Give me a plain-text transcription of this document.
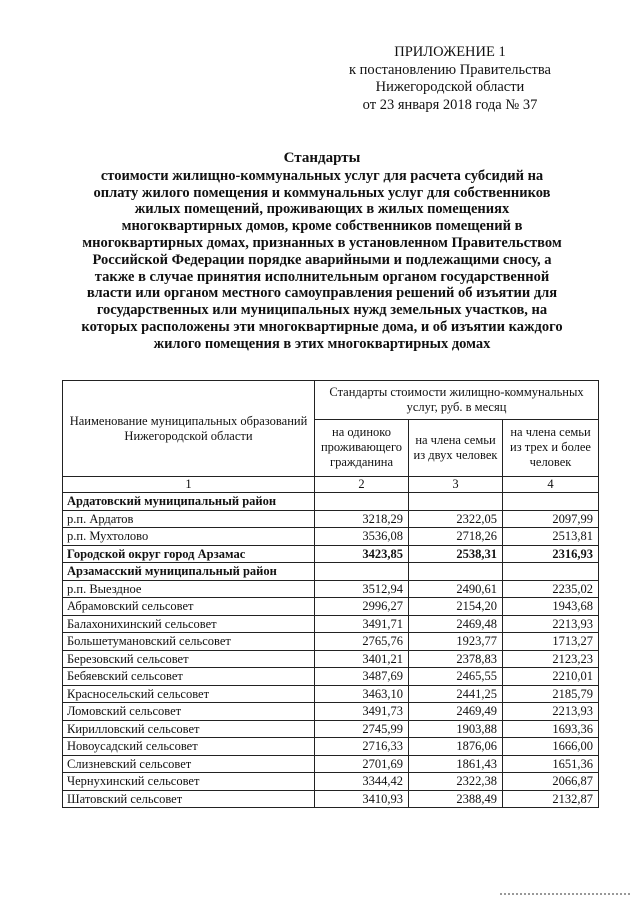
ПРИЛОЖЕНИЕ 1
к постановлению Правительства
Нижегородской области
от 23 января 2018 года № 37
Стандарты
стоимости жилищно-коммунальных услуг для расчета субсидий на
оплату жилого помещения и коммунальных услуг для собственников
жилых помещений, проживающих в жилых помещениях
многоквартирных домов, кроме собственников помещений в
многоквартирных домах, признанных в установленном Правительством
Российской Федерации порядке аварийными и подлежащими сносу, а
также в случае принятия исполнительным органом государственной
власти или органом местного самоуправления решений об изъятии для
государственных или муниципальных нужд земельных участков, на
которых расположены эти многоквартирные дома, и об изъятии каждого
жилого помещения в этих многоквартирных домах
Наименование муниципальных образований Нижегородской области	Стандарты стоимости жилищно-коммунальных услуг, руб. в месяц		
	на одиноко проживающего гражданина	на члена семьи из двух человек	на члена семьи из трех и более человек
1	2	3	4
Ардатовский муниципальный район			
р.п. Ардатов	3218,29	2322,05	2097,99
р.п. Мухтолово	3536,08	2718,26	2513,81
Городской округ город Арзамас	3423,85	2538,31	2316,93
Арзамасский муниципальный район			
р.п. Выездное	3512,94	2490,61	2235,02
Абрамовский сельсовет	2996,27	2154,20	1943,68
Балахонихинский сельсовет	3491,71	2469,48	2213,93
Большетумановский сельсовет	2765,76	1923,77	1713,27
Березовский сельсовет	3401,21	2378,83	2123,23
Бебяевский сельсовет	3487,69	2465,55	2210,01
Красносельский сельсовет	3463,10	2441,25	2185,79
Ломовский сельсовет	3491,73	2469,49	2213,93
Кирилловский сельсовет	2745,99	1903,88	1693,36
Новоусадский сельсовет	2716,33	1876,06	1666,00
Слизневский сельсовет	2701,69	1861,43	1651,36
Чернухинский сельсовет	3344,42	2322,38	2066,87
Шатовский сельсовет	3410,93	2388,49	2132,87
